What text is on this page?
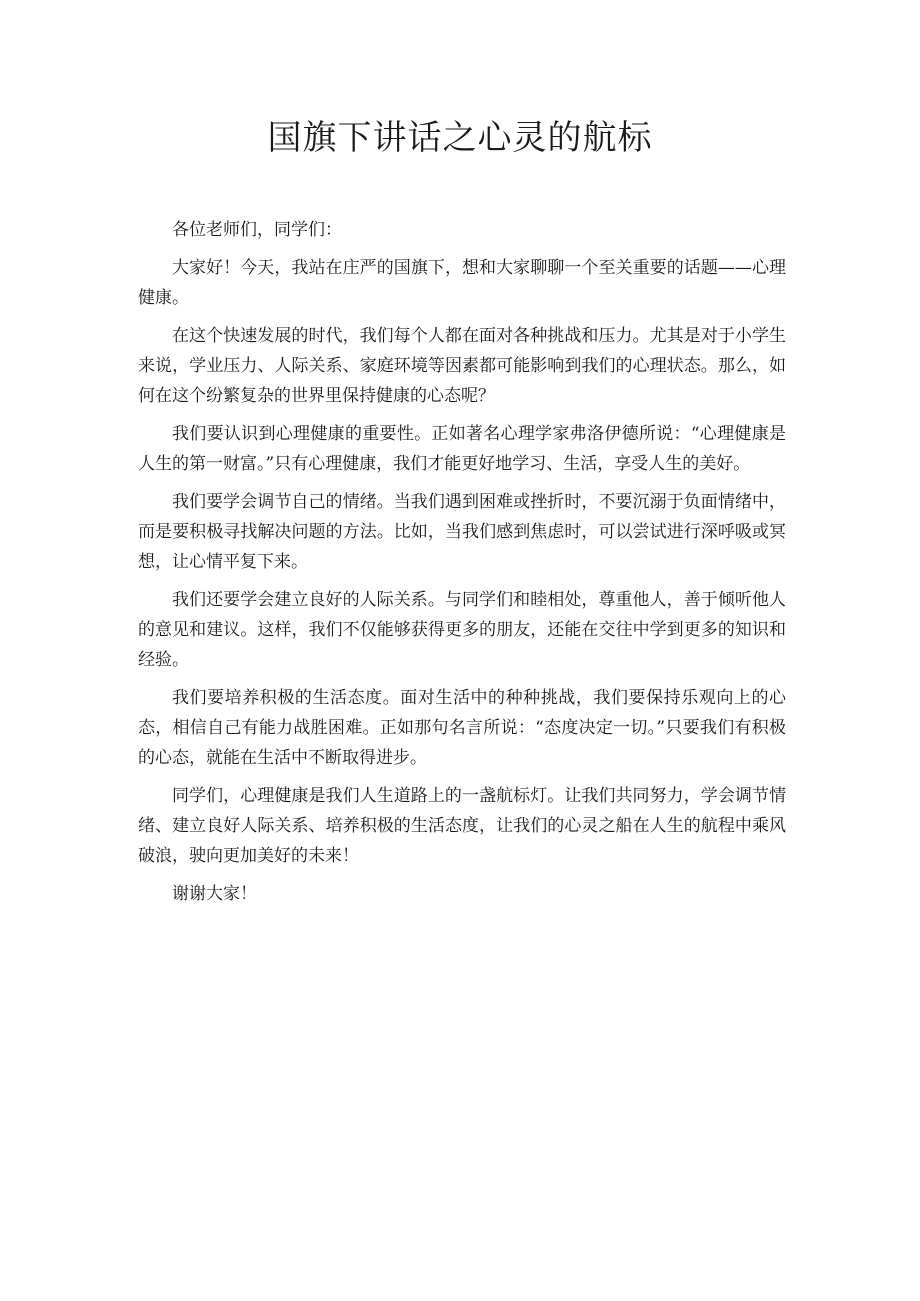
国旗下讲话之心灵的航标

各位老师们，同学们：

大家好！今天，我站在庄严的国旗下，想和大家聊聊一个至关重要的话题——心理健康。

在这个快速发展的时代，我们每个人都在面对各种挑战和压力。尤其是对于小学生来说，学业压力、人际关系、家庭环境等因素都可能影响到我们的心理状态。那么，如何在这个纷繁复杂的世界里保持健康的心态呢？

我们要认识到心理健康的重要性。正如著名心理学家弗洛伊德所说：“心理健康是人生的第一财富。”只有心理健康，我们才能更好地学习、生活，享受人生的美好。

我们要学会调节自己的情绪。当我们遇到困难或挫折时，不要沉溺于负面情绪中，而是要积极寻找解决问题的方法。比如，当我们感到焦虑时，可以尝试进行深呼吸或冥想，让心情平复下来。

我们还要学会建立良好的人际关系。与同学们和睦相处，尊重他人，善于倾听他人的意见和建议。这样，我们不仅能够获得更多的朋友，还能在交往中学到更多的知识和经验。

我们要培养积极的生活态度。面对生活中的种种挑战，我们要保持乐观向上的心态，相信自己有能力战胜困难。正如那句名言所说：“态度决定一切。”只要我们有积极的心态，就能在生活中不断取得进步。

同学们，心理健康是我们人生道路上的一盏航标灯。让我们共同努力，学会调节情绪、建立良好人际关系、培养积极的生活态度，让我们的心灵之船在人生的航程中乘风破浪，驶向更加美好的未来！

谢谢大家！
